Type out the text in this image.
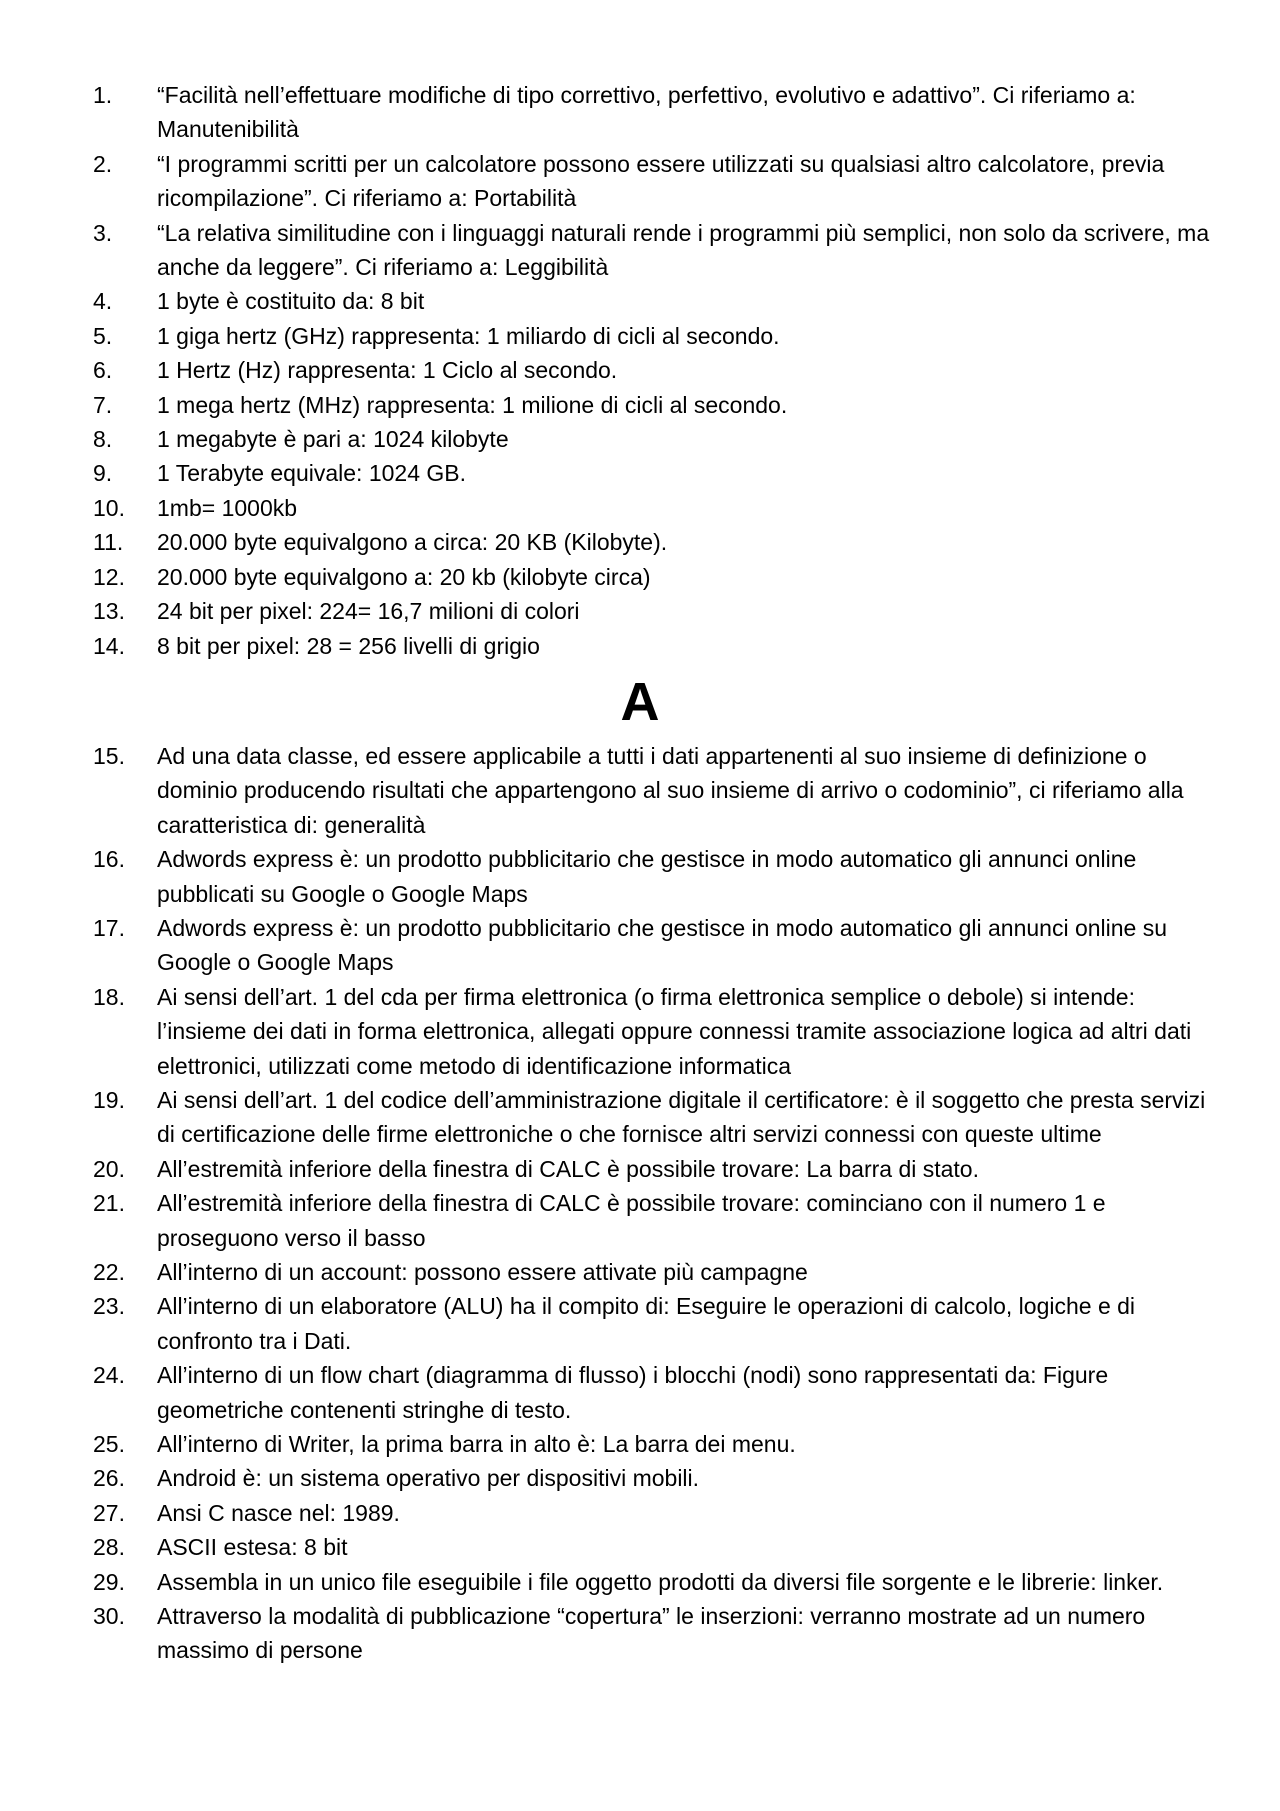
1. “Facilità nell’effettuare modifiche di tipo correttivo, perfettivo, evolutivo e adattivo”. Ci riferiamo a: Manutenibilità
2. “I programmi scritti per un calcolatore possono essere utilizzati su qualsiasi altro calcolatore, previa ricompilazione”. Ci riferiamo a: Portabilità
3. “La relativa similitudine con i linguaggi naturali rende i programmi più semplici, non solo da scrivere, ma anche da leggere”. Ci riferiamo a: Leggibilità
4. 1 byte è costituito da: 8 bit
5. 1 giga hertz (GHz) rappresenta: 1 miliardo di cicli al secondo.
6. 1 Hertz (Hz) rappresenta: 1 Ciclo al secondo.
7. 1 mega hertz (MHz) rappresenta: 1 milione di cicli al secondo.
8. 1 megabyte è pari a: 1024 kilobyte
9. 1 Terabyte equivale: 1024 GB.
10. 1mb= 1000kb
11. 20.000 byte equivalgono a circa: 20 KB (Kilobyte).
12. 20.000 byte equivalgono a: 20 kb (kilobyte circa)
13. 24 bit per pixel: 224= 16,7 milioni di colori
14. 8 bit per pixel: 28 = 256 livelli di grigio
A
15. Ad una data classe, ed essere applicabile a tutti i dati appartenenti al suo insieme di definizione o dominio producendo risultati che appartengono al suo insieme di arrivo o codominio”, ci riferiamo alla caratteristica di: generalità
16. Adwords express è: un prodotto pubblicitario che gestisce in modo automatico gli annunci online pubblicati su Google o Google Maps
17. Adwords express è: un prodotto pubblicitario che gestisce in modo automatico gli annunci online su Google o Google Maps
18. Ai sensi dell’art. 1 del cda per firma elettronica (o firma elettronica semplice o debole) si intende: l’insieme dei dati in forma elettronica, allegati oppure connessi tramite associazione logica ad altri dati elettronici, utilizzati come metodo di identificazione informatica
19. Ai sensi dell’art. 1 del codice dell’amministrazione digitale il certificatore: è il soggetto che presta servizi di certificazione delle firme elettroniche o che fornisce altri servizi connessi con queste ultime
20. All’estremità inferiore della finestra di CALC è possibile trovare: La barra di stato.
21. All’estremità inferiore della finestra di CALC è possibile trovare: cominciano con il numero 1 e proseguono verso il basso
22. All’interno di un account: possono essere attivate più campagne
23. All’interno di un elaboratore (ALU) ha il compito di: Eseguire le operazioni di calcolo, logiche e di confronto tra i Dati.
24. All’interno di un flow chart (diagramma di flusso) i blocchi (nodi) sono rappresentati da: Figure geometriche contenenti stringhe di testo.
25. All’interno di Writer, la prima barra in alto è: La barra dei menu.
26. Android è: un sistema operativo per dispositivi mobili.
27. Ansi C nasce nel: 1989.
28. ASCII estesa: 8 bit
29. Assembla in un unico file eseguibile i file oggetto prodotti da diversi file sorgente e le librerie: linker.
30. Attraverso la modalità di pubblicazione “copertura” le inserzioni: verranno mostrate ad un numero massimo di persone
